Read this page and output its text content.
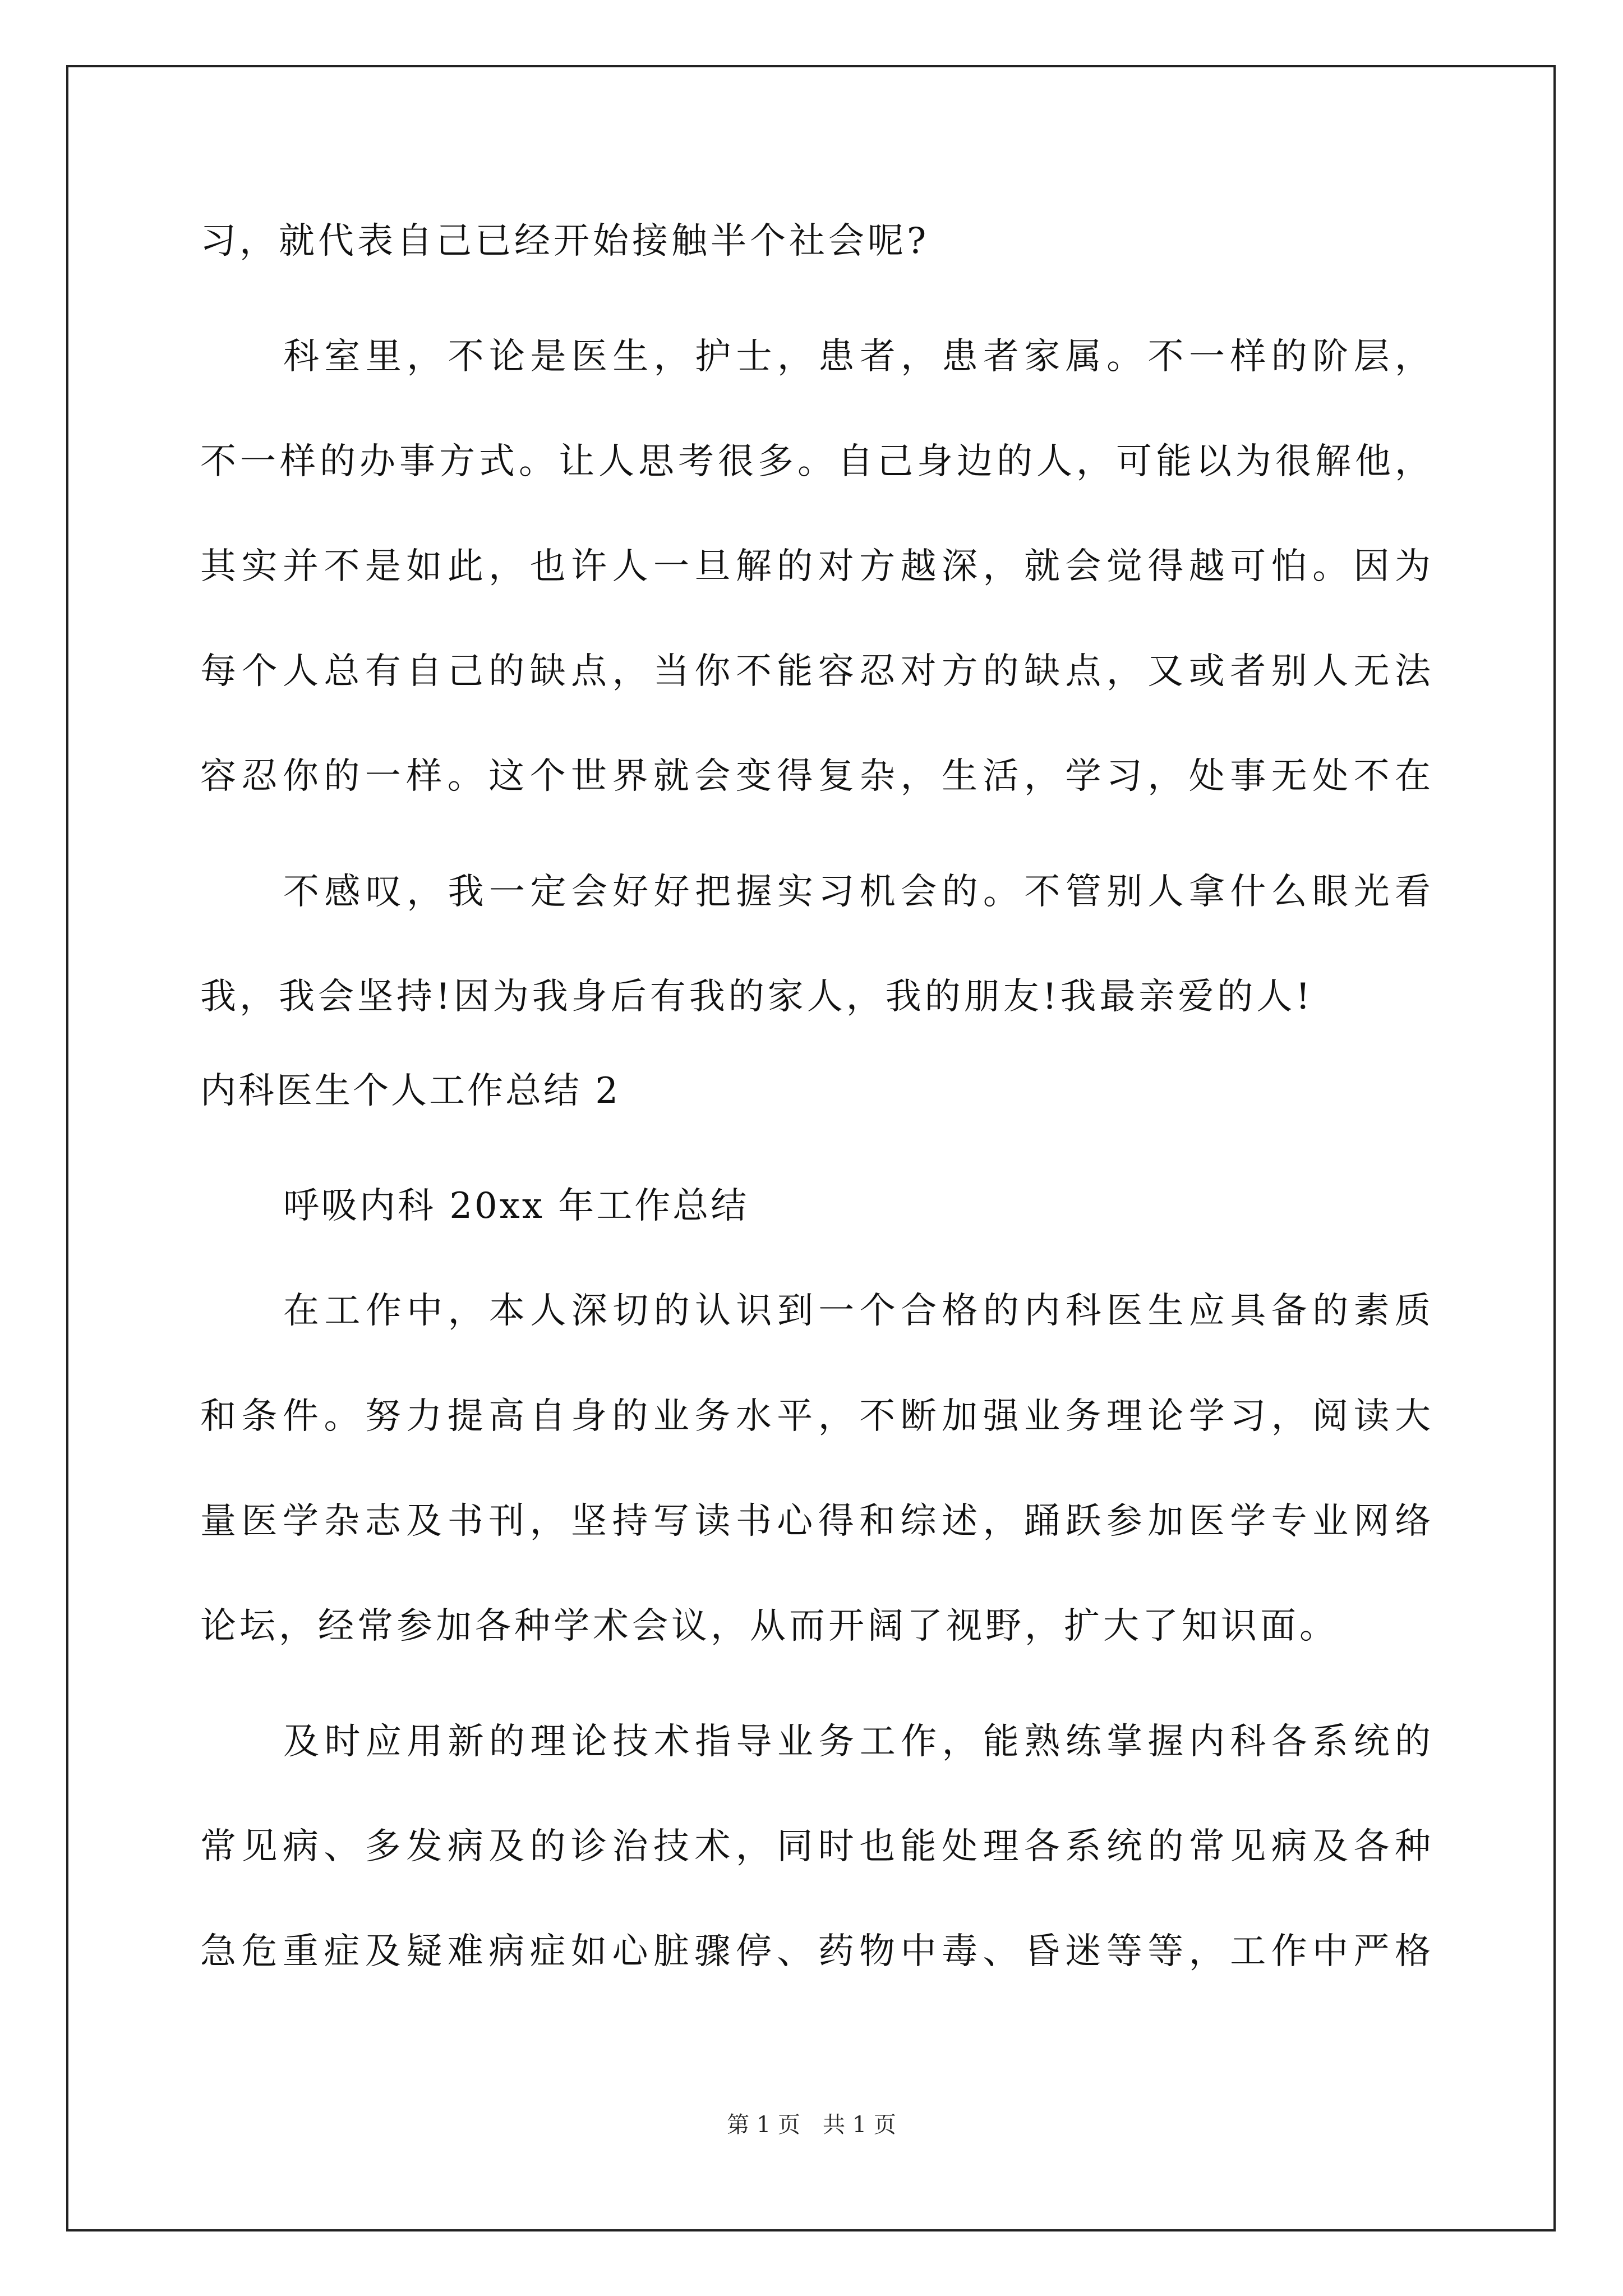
习，就代表自己已经开始接触半个社会呢?
科室里，不论是医生，护士，患者，患者家属。不一样的阶层，
不一样的办事方式。让人思考很多。自己身边的人，可能以为很解他，
其实并不是如此，也许人一旦解的对方越深，就会觉得越可怕。因为
每个人总有自己的缺点，当你不能容忍对方的缺点，又或者别人无法
容忍你的一样。这个世界就会变得复杂，生活，学习，处事无处不在
不感叹，我一定会好好把握实习机会的。不管别人拿什么眼光看
我，我会坚持!因为我身后有我的家人，我的朋友!我最亲爱的人!
内科医生个人工作总结 2
呼吸内科 20xx 年工作总结
在工作中，本人深切的认识到一个合格的内科医生应具备的素质
和条件。努力提高自身的业务水平，不断加强业务理论学习，阅读大
量医学杂志及书刊，坚持写读书心得和综述，踊跃参加医学专业网络
论坛，经常参加各种学术会议，从而开阔了视野，扩大了知识面。
及时应用新的理论技术指导业务工作，能熟练掌握内科各系统的
常见病、多发病及的诊治技术，同时也能处理各系统的常见病及各种
急危重症及疑难病症如心脏骤停、药物中毒、昏迷等等，工作中严格
第 1 页　共 1 页
